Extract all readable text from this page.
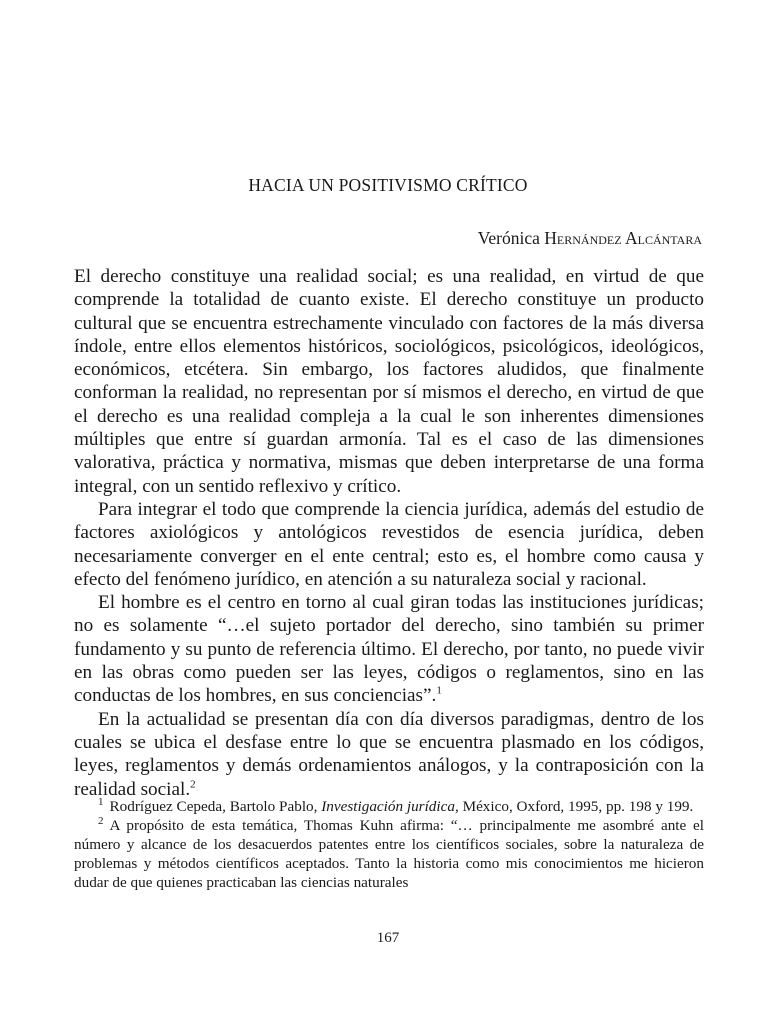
HACIA UN POSITIVISMO CRÍTICO

Verónica Hernández Alcántara

El derecho constituye una realidad social; es una realidad, en virtud de que comprende la totalidad de cuanto existe. El derecho constituye un producto cultural que se encuentra estrechamente vinculado con factores de la más diversa índole, entre ellos elementos históricos, sociológicos, psicológicos, ideológicos, económicos, etcétera. Sin embargo, los factores aludidos, que finalmente conforman la realidad, no representan por sí mismos el derecho, en virtud de que el derecho es una realidad compleja a la cual le son inherentes dimensiones múltiples que entre sí guardan armonía. Tal es el caso de las dimensiones valorativa, práctica y normativa, mismas que deben interpretarse de una forma integral, con un sentido reflexivo y crítico.

Para integrar el todo que comprende la ciencia jurídica, además del estudio de factores axiológicos y antológicos revestidos de esencia jurídica, deben necesariamente converger en el ente central; esto es, el hombre como causa y efecto del fenómeno jurídico, en atención a su naturaleza social y racional.

El hombre es el centro en torno al cual giran todas las instituciones jurídicas; no es solamente “…el sujeto portador del derecho, sino también su primer fundamento y su punto de referencia último. El derecho, por tanto, no puede vivir en las obras como pueden ser las leyes, códigos o reglamentos, sino en las conductas de los hombres, en sus conciencias”.$^1$

En la actualidad se presentan día con día diversos paradigmas, dentro de los cuales se ubica el desfase entre lo que se encuentra plasmado en los códigos, leyes, reglamentos y demás ordenamientos análogos, y la contraposición con la realidad social.$^2$

$^1$ Rodríguez Cepeda, Bartolo Pablo, Investigación jurídica, México, Oxford, 1995, pp. 198 y 199.

$^2$ A propósito de esta temática, Thomas Kuhn afirma: “… principalmente me asombré ante el número y alcance de los desacuerdos patentes entre los científicos sociales, sobre la naturaleza de problemas y métodos científicos aceptados. Tanto la historia como mis conocimientos me hicieron dudar de que quienes practicaban las ciencias naturales

167
